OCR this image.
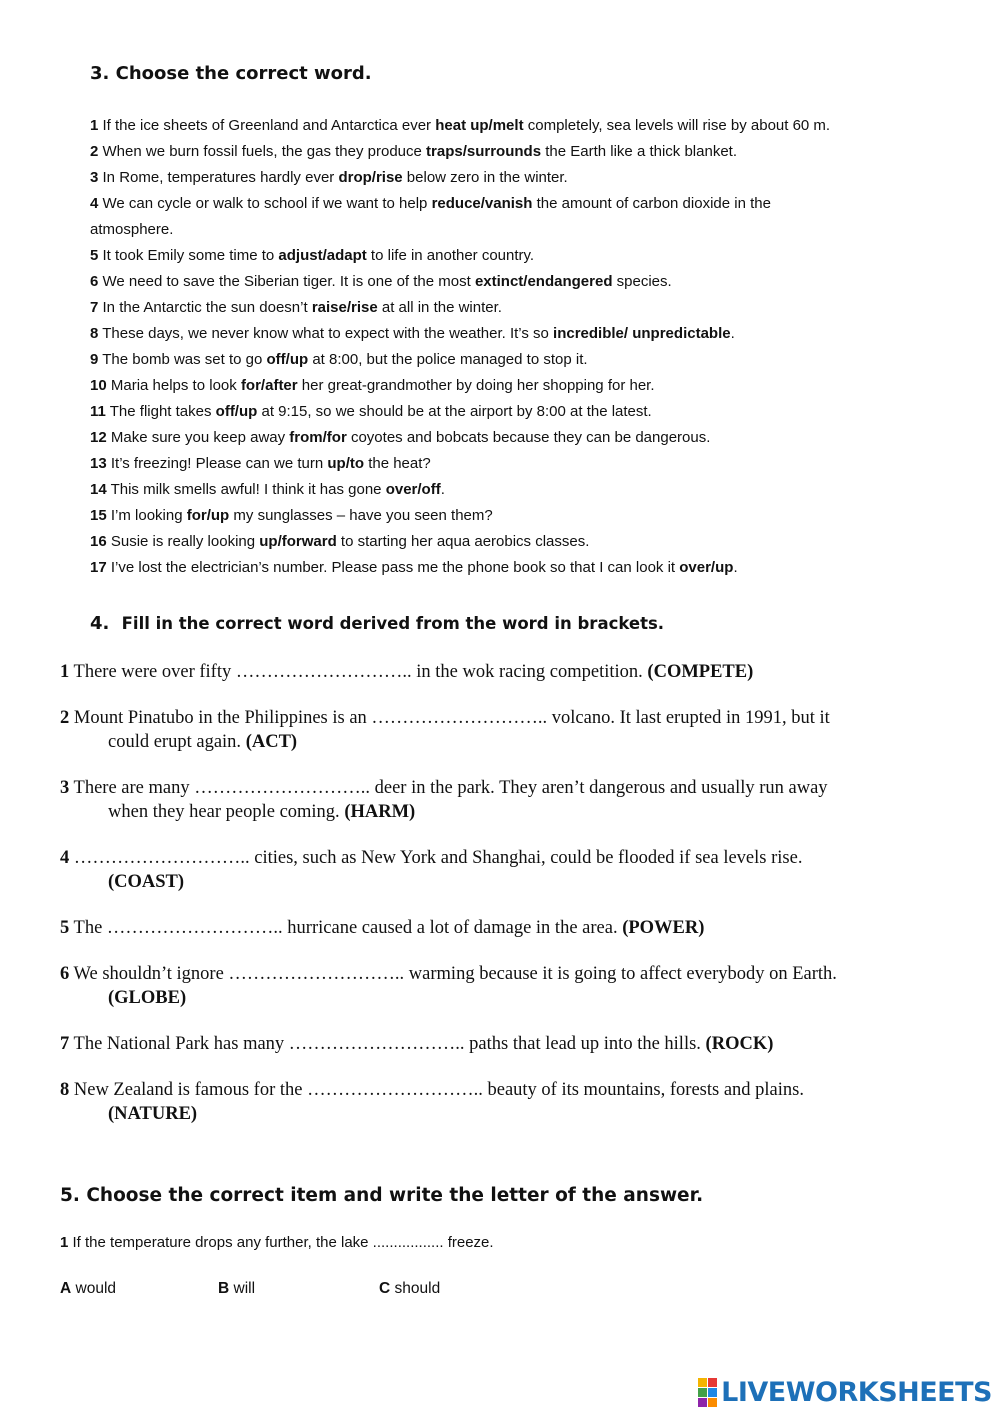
3. Choose the correct word.
1 If the ice sheets of Greenland and Antarctica ever heat up/melt completely, sea levels will rise by about 60 m.
2 When we burn fossil fuels, the gas they produce traps/surrounds the Earth like a thick blanket.
3 In Rome, temperatures hardly ever drop/rise below zero in the winter.
4 We can cycle or walk to school if we want to help reduce/vanish the amount of carbon dioxide in the
atmosphere.
5 It took Emily some time to adjust/adapt to life in another country.
6 We need to save the Siberian tiger. It is one of the most extinct/endangered species.
7 In the Antarctic the sun doesn’t raise/rise at all in the winter.
8 These days, we never know what to expect with the weather. It’s so incredible/ unpredictable.
9 The bomb was set to go off/up at 8:00, but the police managed to stop it.
10 Maria helps to look for/after her great-grandmother by doing her shopping for her.
11 The flight takes off/up at 9:15, so we should be at the airport by 8:00 at the latest.
12 Make sure you keep away from/for coyotes and bobcats because they can be dangerous.
13 It’s freezing! Please can we turn up/to the heat?
14 This milk smells awful! I think it has gone over/off.
15 I’m looking for/up my sunglasses – have you seen them?
16 Susie is really looking up/forward to starting her aqua aerobics classes.
17 I’ve lost the electrician’s number. Please pass me the phone book so that I can look it over/up.
4. Fill in the correct word derived from the word in brackets.
1 There were over fifty ……………………….. in the wok racing competition. (COMPETE)
2 Mount Pinatubo in the Philippines is an ……………………….. volcano. It last erupted in 1991, but it
could erupt again. (ACT)
3 There are many ……………………….. deer in the park. They aren’t dangerous and usually run away
when they hear people coming. (HARM)
4 ……………………….. cities, such as New York and Shanghai, could be flooded if sea levels rise.
(COAST)
5 The ……………………….. hurricane caused a lot of damage in the area. (POWER)
6 We shouldn’t ignore ……………………….. warming because it is going to affect everybody on Earth.
(GLOBE)
7 The National Park has many ……………………….. paths that lead up into the hills. (ROCK)
8 New Zealand is famous for the ……………………….. beauty of its mountains, forests and plains.
(NATURE)
5. Choose the correct item and write the letter of the answer.
1 If the temperature drops any further, the lake ................. freeze.
A would	B will	C should
LIVEWORKSHEETS
